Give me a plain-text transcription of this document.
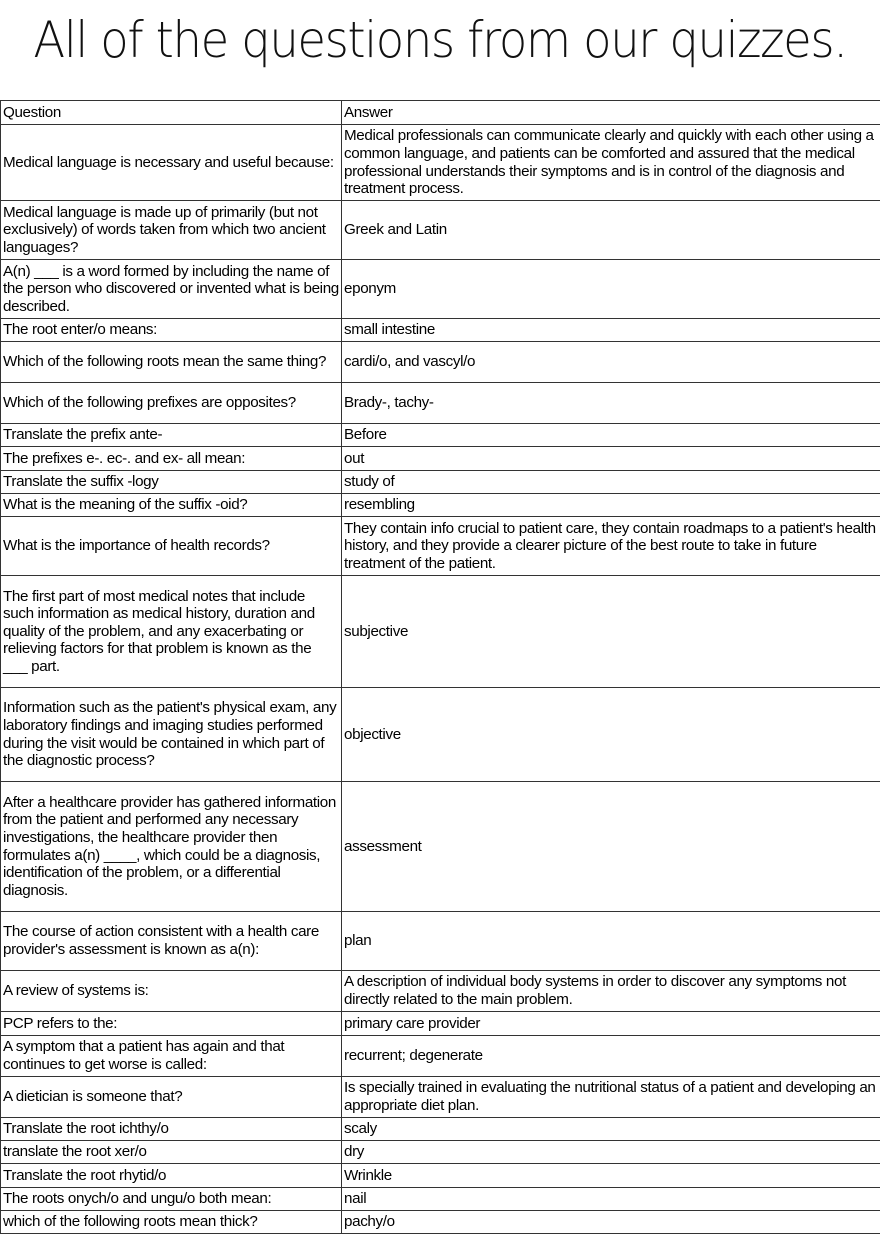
All of the questions from our quizzes.
Question	Answer
Medical language is necessary and useful because:	Medical professionals can communicate clearly and quickly with each other using a common language, and patients can be comforted and assured that the medical professional understands their symptoms and is in control of the diagnosis and treatment process.
Medical language is made up of primarily (but not exclusively) of words taken from which two ancient languages?	Greek and Latin
A(n) ___ is a word formed by including the name of the person who discovered or invented what is being described.	eponym
The root enter/o means:	small intestine
Which of the following roots mean the same thing?	cardi/o, and vascyl/o
Which of the following prefixes are opposites?	Brady-, tachy-
Translate the prefix ante-	Before
The prefixes e-. ec-. and ex- all mean:	out
Translate the suffix -logy	study of
What is the meaning of the suffix -oid?	resembling
What is the importance of health records?	They contain info crucial to patient care, they contain roadmaps to a patient's health history, and they provide a clearer picture of the best route to take in future treatment of the patient.
The first part of most medical notes that include such information as medical history, duration and quality of the problem, and any exacerbating or relieving factors for that problem is known as the ___ part.	subjective
Information such as the patient's physical exam, any laboratory findings and imaging studies performed during the visit would be contained in which part of the diagnostic process?	objective
After a healthcare provider has gathered information from the patient and performed any necessary investigations, the healthcare provider then formulates a(n) ____, which could be a diagnosis, identification of the problem, or a differential diagnosis.	assessment
The course of action consistent with a health care provider's assessment is known as a(n):	plan
A review of systems is:	A description of individual body systems in order to discover any symptoms not directly related to the main problem.
PCP refers to the:	primary care provider
A symptom that a patient has again and that continues to get worse is called:	recurrent; degenerate
A dietician is someone that?	Is specially trained in evaluating the nutritional status of a patient and developing an appropriate diet plan.
Translate the root ichthy/o	scaly
translate the root xer/o	dry
Translate the root rhytid/o	Wrinkle
The roots onych/o and ungu/o both mean:	nail
which of the following roots mean thick?	pachy/o
